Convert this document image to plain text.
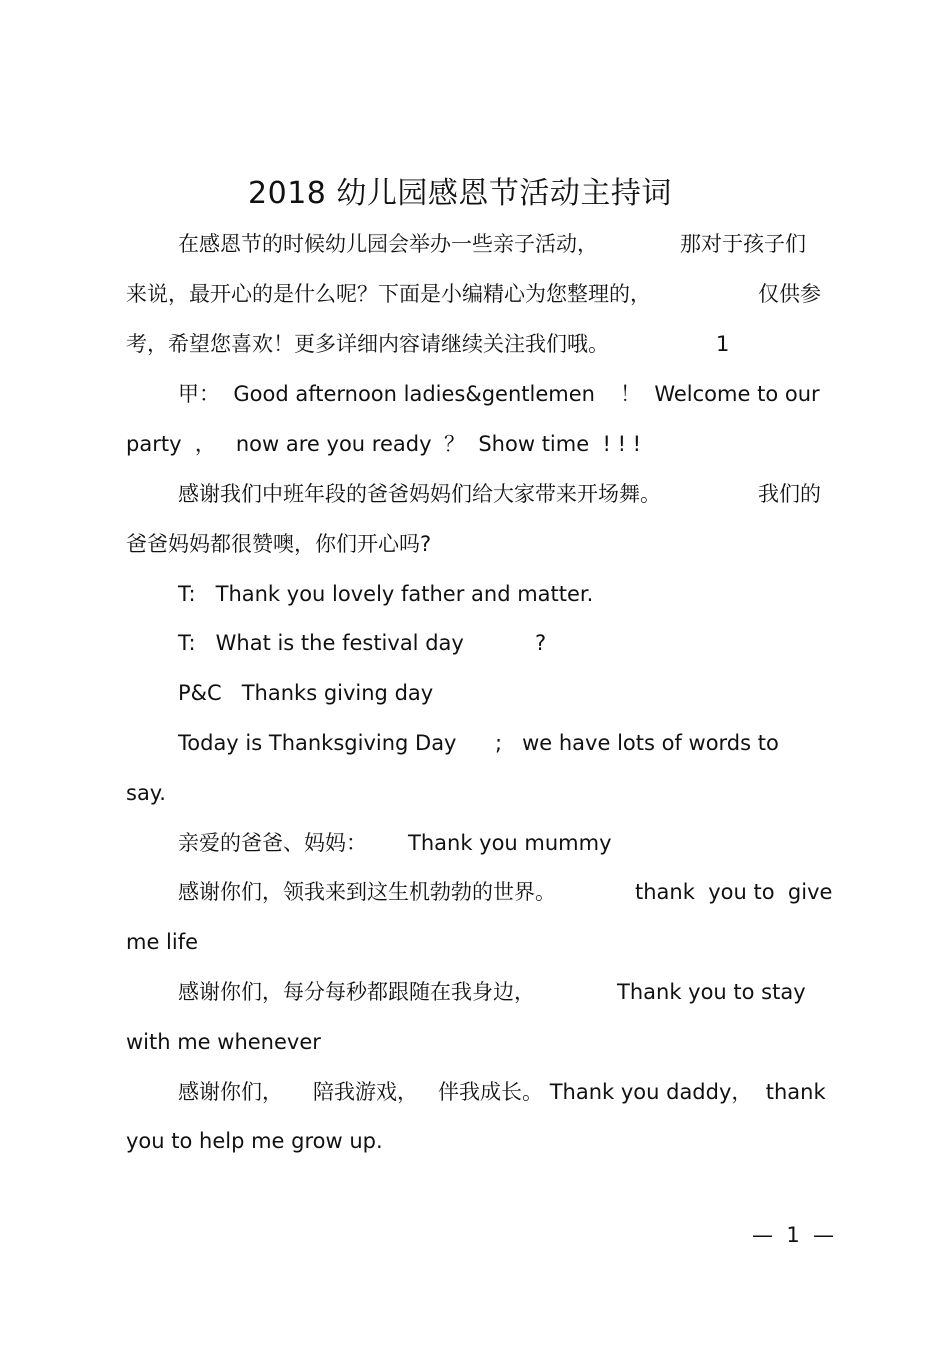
2018 幼儿园感恩节活动主持词
在感恩节的时候幼儿园会举办一些亲子活动，	那对于孩子们
来说，最开心的是什么呢？下面是小编精心为您整理的，	仅供参
考，希望您喜欢！更多详细内容请继续关注我们哦。	1
甲：  Good afternoon ladies&gentlemen ！  Welcome to our
party  ，   now are you ready ？  Show time  ! ! !
感谢我们中班年段的爸爸妈妈们给大家带来开场舞。	我们的
爸爸妈妈都很赞噢，你们开心吗?
T:   Thank you lovely father and matter.
T:   What is the festival day	?
P&C   Thanks giving day
Today is Thanksgiving Day ;   we have lots of words to
say.
亲爱的爸爸、妈妈： Thank you mummy
感谢你们，领我来到这生机勃勃的世界。	thank  you to  give
me life
感谢你们，每分每秒都跟随在我身边，	Thank you to stay
with me whenever
感谢你们， 陪我游戏，   伴我成长。 Thank you daddy，  thank
you to help me grow up.
—  1  —
